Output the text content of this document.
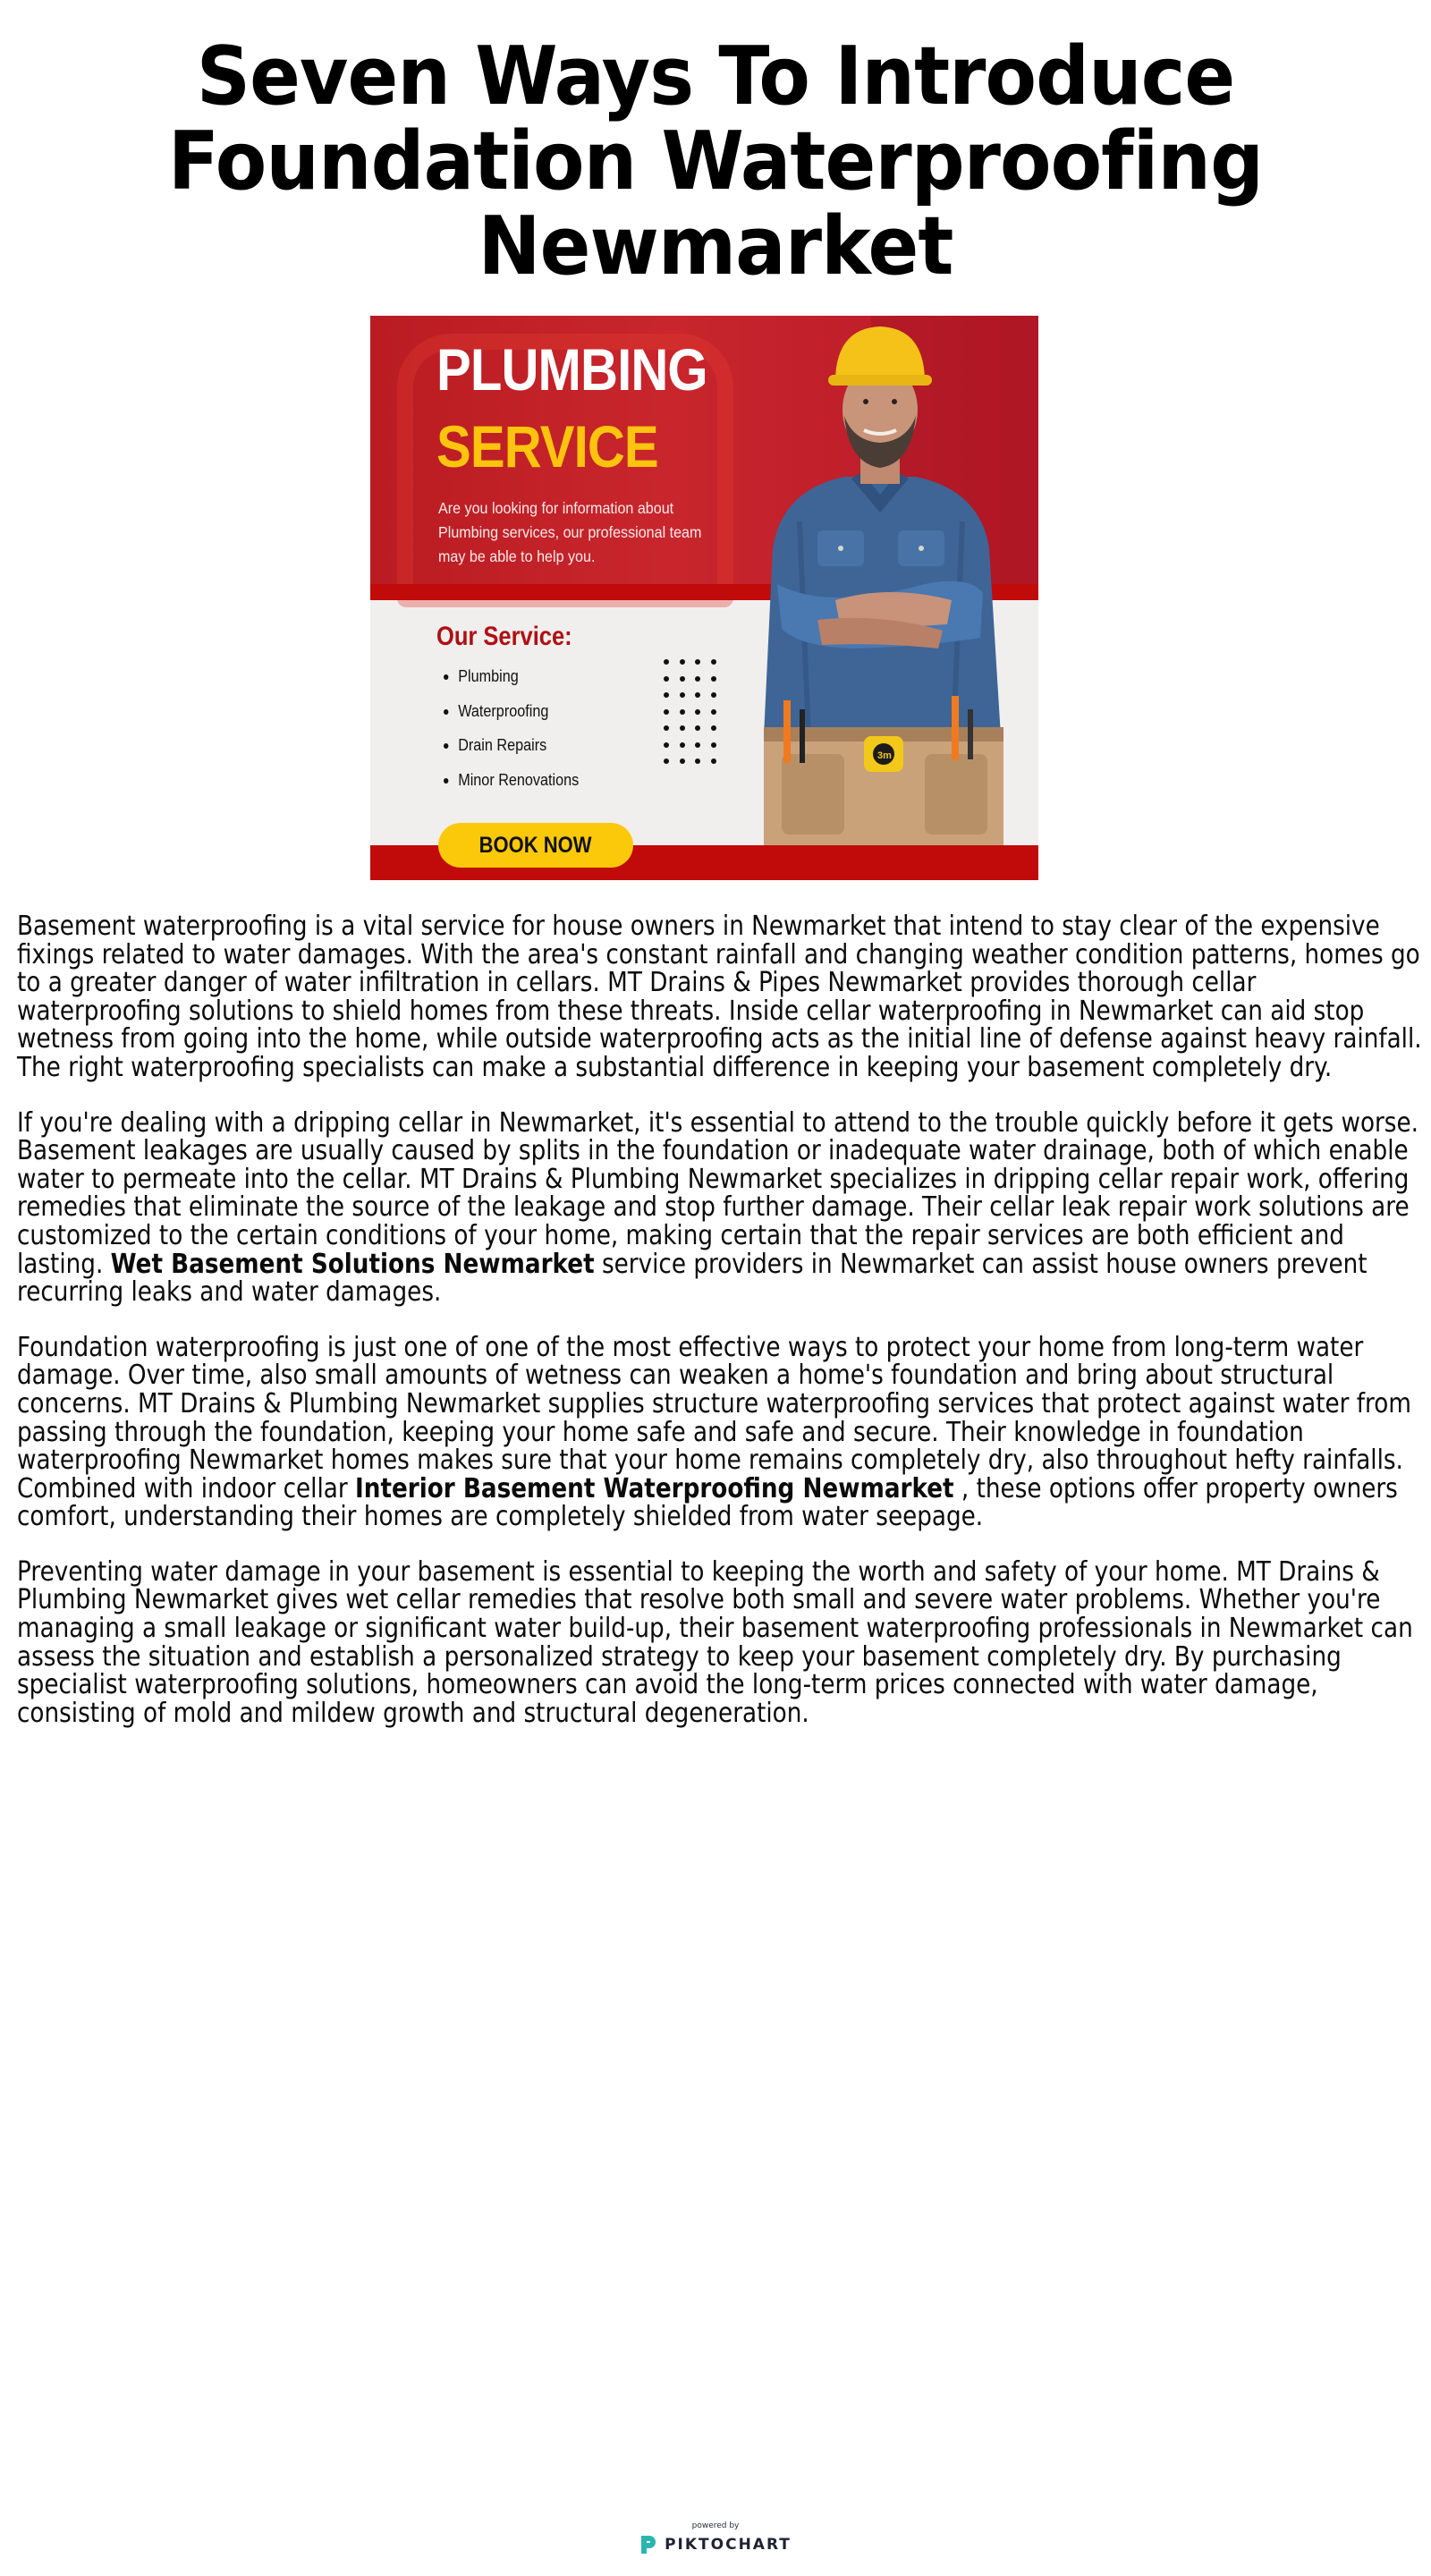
Seven Ways To Introduce Foundation Waterproofing Newmarket
PLUMBING
SERVICE
Are you looking for information about Plumbing services, our professional team may be able to help you.
Our Service:
Plumbing
Waterproofing
Drain Repairs
Minor Renovations
BOOK NOW
3m

Basement waterproofing is a vital service for house owners in Newmarket that intend to stay clear of the expensive fixings related to water damages. With the area's constant rainfall and changing weather condition patterns, homes go to a greater danger of water infiltration in cellars. MT Drains & Pipes Newmarket provides thorough cellar waterproofing solutions to shield homes from these threats. Inside cellar waterproofing in Newmarket can aid stop wetness from going into the home, while outside waterproofing acts as the initial line of defense against heavy rainfall. The right waterproofing specialists can make a substantial difference in keeping your basement completely dry.

If you're dealing with a dripping cellar in Newmarket, it's essential to attend to the trouble quickly before it gets worse. Basement leakages are usually caused by splits in the foundation or inadequate water drainage, both of which enable water to permeate into the cellar. MT Drains & Plumbing Newmarket specializes in dripping cellar repair work, offering remedies that eliminate the source of the leakage and stop further damage. Their cellar leak repair work solutions are customized to the certain conditions of your home, making certain that the repair services are both efficient and lasting. Wet Basement Solutions Newmarket service providers in Newmarket can assist house owners prevent recurring leaks and water damages.

Foundation waterproofing is just one of one of the most effective ways to protect your home from long-term water damage. Over time, also small amounts of wetness can weaken a home's foundation and bring about structural concerns. MT Drains & Plumbing Newmarket supplies structure waterproofing services that protect against water from passing through the foundation, keeping your home safe and safe and secure. Their knowledge in foundation waterproofing Newmarket homes makes sure that your home remains completely dry, also throughout hefty rainfalls. Combined with indoor cellar Interior Basement Waterproofing Newmarket , these options offer property owners comfort, understanding their homes are completely shielded from water seepage.

Preventing water damage in your basement is essential to keeping the worth and safety of your home. MT Drains & Plumbing Newmarket gives wet cellar remedies that resolve both small and severe water problems. Whether you're managing a small leakage or significant water build-up, their basement waterproofing professionals in Newmarket can assess the situation and establish a personalized strategy to keep your basement completely dry. By purchasing specialist waterproofing solutions, homeowners can avoid the long-term prices connected with water damage, consisting of mold and mildew growth and structural degeneration.

powered by
PIKTOCHART
